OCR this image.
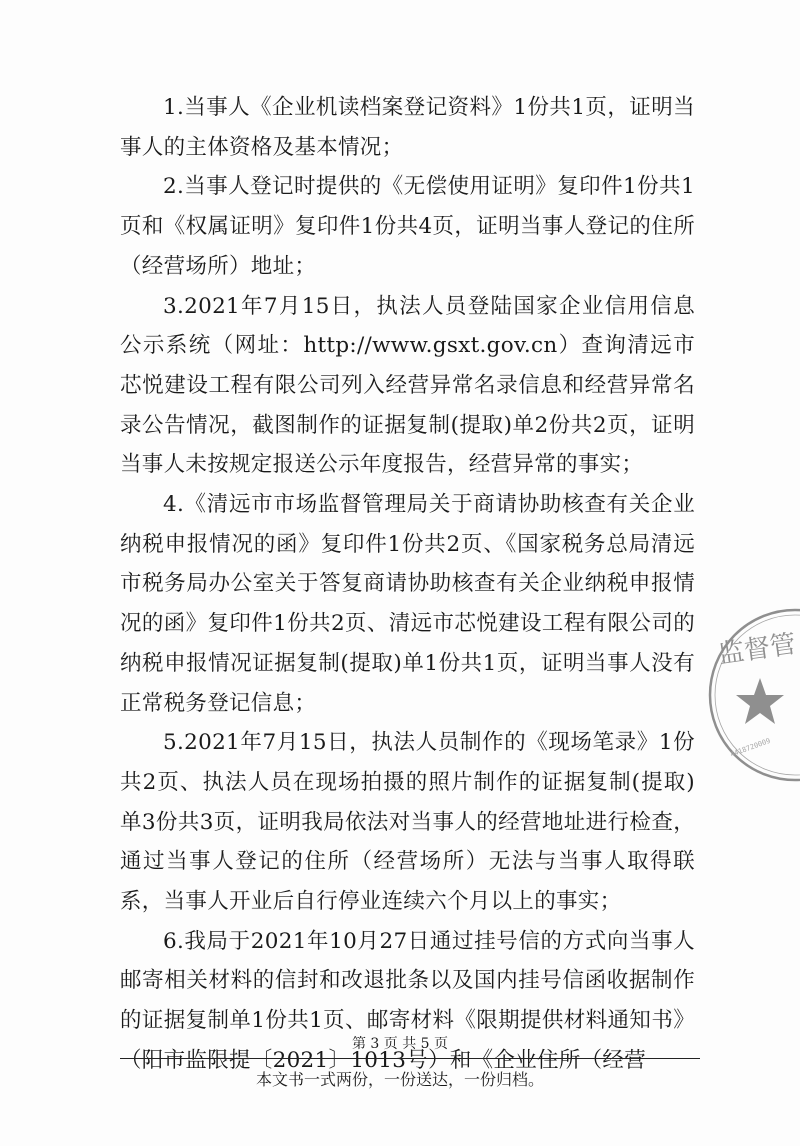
1.当事人《企业机读档案登记资料》1份共1页，证明当事人的主体资格及基本情况；

2.当事人登记时提供的《无偿使用证明》复印件1份共1页和《权属证明》复印件1份共4页，证明当事人登记的住所（经营场所）地址；

3.2021年7月15日，执法人员登陆国家企业信用信息公示系统（网址：http://www.gsxt.gov.cn）查询清远市芯悦建设工程有限公司列入经营异常名录信息和经营异常名录公告情况，截图制作的证据复制(提取)单2份共2页，证明当事人未按规定报送公示年度报告，经营异常的事实；

4.《清远市市场监督管理局关于商请协助核查有关企业纳税申报情况的函》复印件1份共2页、《国家税务总局清远市税务局办公室关于答复商请协助核查有关企业纳税申报情况的函》复印件1份共2页、清远市芯悦建设工程有限公司的纳税申报情况证据复制(提取)单1份共1页，证明当事人没有正常税务登记信息；

5.2021年7月15日，执法人员制作的《现场笔录》1份共2页、执法人员在现场拍摄的照片制作的证据复制(提取)单3份共3页，证明我局依法对当事人的经营地址进行检查，通过当事人登记的住所（经营场所）无法与当事人取得联系，当事人开业后自行停业连续六个月以上的事实；

6.我局于2021年10月27日通过挂号信的方式向当事人邮寄相关材料的信封和改退批条以及国内挂号信函收据制作的证据复制单1份共1页、邮寄材料《限期提供材料通知书》（阳市监限提〔2021〕1013号）和《企业住所（经营

监督管
4418720009
第 3 页 共 5 页
本文书一式两份，一份送达，一份归档。
